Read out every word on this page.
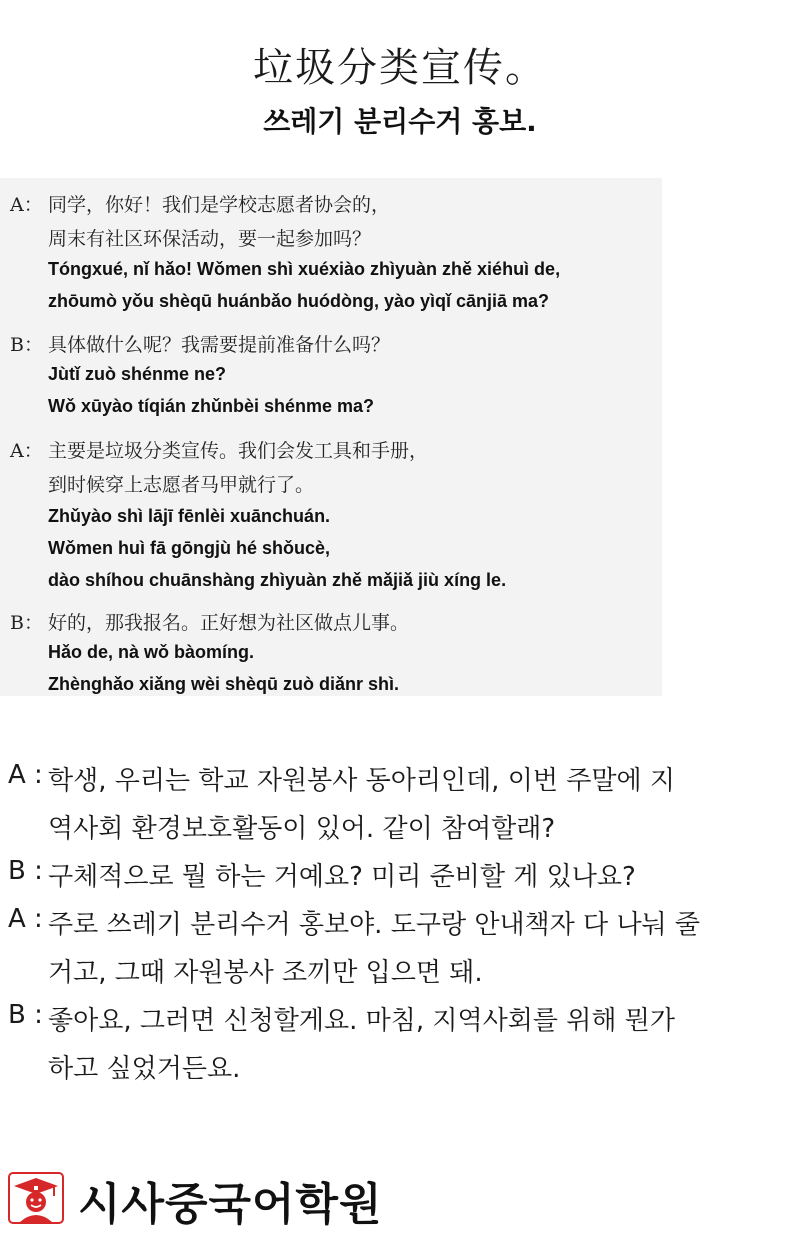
垃圾分类宣传。
쓰레기 분리수거 홍보.
A： 同学，你好！我们是学校志愿者协会的，
周末有社区环保活动，要一起参加吗？
Tóngxué, nǐ hǎo! Wǒmen shì xuéxiào zhìyuàn zhě xiéhuì de,
zhōumò yǒu shèqū huánbǎo huódòng, yào yìqǐ cānjiā ma?
B： 具体做什么呢？我需要提前准备什么吗？
Jùtǐ zuò shénme ne?
Wǒ xūyào tíqián zhǔnbèi shénme ma?
A： 主要是垃圾分类宣传。我们会发工具和手册，
到时候穿上志愿者马甲就行了。
Zhǔyào shì lājī fēnlèi xuānchuán.
Wǒmen huì fā gōngjù hé shǒucè,
dào shíhou chuānshàng zhìyuàn zhě mǎjiǎ jiù xíng le.
B： 好的，那我报名。正好想为社区做点儿事。
Hǎo de, nà wǒ bàomíng.
Zhènghǎo xiǎng wèi shèqū zuò diǎnr shì.
A : 학생, 우리는 학교 자원봉사 동아리인데, 이번 주말에 지
역사회 환경보호활동이 있어. 같이 참여할래?
B : 구체적으로 뭘 하는 거예요? 미리 준비할 게 있나요?
A : 주로 쓰레기 분리수거 홍보야. 도구랑 안내책자 다 나눠 줄
거고, 그때 자원봉사 조끼만 입으면 돼.
B : 좋아요, 그러면 신청할게요. 마침, 지역사회를 위해 뭔가
하고 싶었거든요.
시사중국어학원
